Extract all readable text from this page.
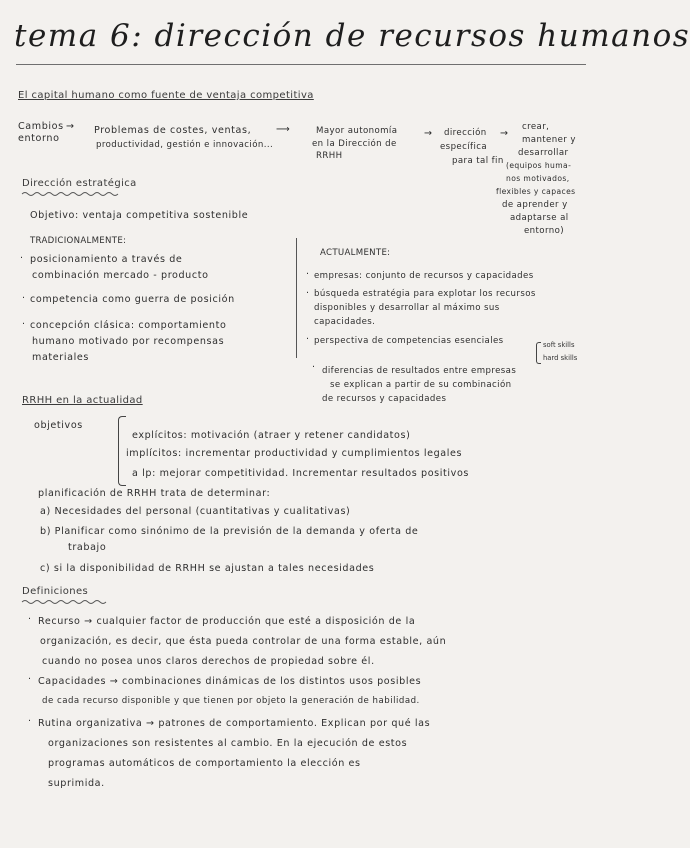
tema 6: dirección de recursos humanos
El capital humano como fuente de ventaja competitiva
Cambios
entorno
→ Problemas de costes, ventas,
productividad, gestión e innovación...
⟶	Mayor autonomía
en la Dirección de
RRHH
→ dirección
específica
para tal fin
→
crear,
mantener y
desarrollar
(equipos huma-
nos motivados,
flexibles y capaces
de aprender y
adaptarse al
entorno)
Dirección estratégica
Objetivo: ventaja competitiva sostenible
TRADICIONALMENTE:
· posicionamiento a través de
combinación mercado - producto
· competencia como guerra de posición
· concepción clásica: comportamiento
humano motivado por recompensas
materiales
ACTUALMENTE:
· empresas: conjunto de recursos y capacidades
· búsqueda estratégia para explotar los recursos
disponibles y desarrollar al máximo sus
capacidades.
· perspectiva de competencias esenciales	soft skills
hard skills
· diferencias de resultados entre empresas
se explican a partir de su combinación
de recursos y capacidades
RRHH en la actualidad
objetivos
explícitos: motivación (atraer y retener candidatos)
implícitos: incrementar productividad y cumplimientos legales
a lp: mejorar competitividad. Incrementar resultados positivos
planificación de RRHH trata de determinar:
a) Necesidades del personal (cuantitativas y cualitativas)
b) Planificar como sinónimo de la previsión de la demanda y oferta de
trabajo
c) si la disponibilidad de RRHH se ajustan a tales necesidades
Definiciones
· Recurso → cualquier factor de producción que esté a disposición de la
organización, es decir, que ésta pueda controlar de una forma estable, aún
cuando no posea unos claros derechos de propiedad sobre él.
· Capacidades → combinaciones dinámicas de los distintos usos posibles
de cada recurso disponible y que tienen por objeto la generación de habilidad.
· Rutina organizativa → patrones de comportamiento. Explican por qué las
organizaciones son resistentes al cambio. En la ejecución de estos
programas automáticos de comportamiento la elección es
suprimida.
